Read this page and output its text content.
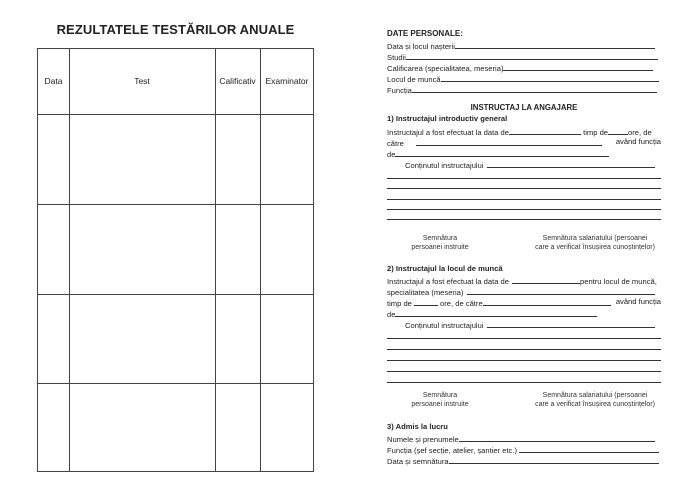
REZULTATELE TESTĂRILOR ANUALE
Data	Test	Calificativ	Examinator
DATE PERSONALE:
Data și locul nașterii
Studii
Calificarea (specialitatea, meseria)
Locul de muncă
Funcția
INSTRUCTAJ LA ANGAJARE
1) Instructajul introductiv general
Instructajul a fost efectuat la data de	timp de	ore, de
către	având funcția
de
Conținutul instructajului
Semnătura
persoanei instruite
Semnătura salariatului (persoanei
care a verificat însușirea cunoștințelor)
2) Instructajul la locul de muncă
Instructajul a fost efectuat la data de	pentru locul de muncă,
specialitatea (meseria)
timp de	ore, de către	având funcția
de
Conținutul instructajului
Semnătura
persoanei instruite
Semnătura salariatului (persoanei
care a verificat însușirea cunoștințelor)
3) Admis la lucru
Numele și prenumele
Funcția (șef secție, atelier, șantier etc.)
Data și semnătura
